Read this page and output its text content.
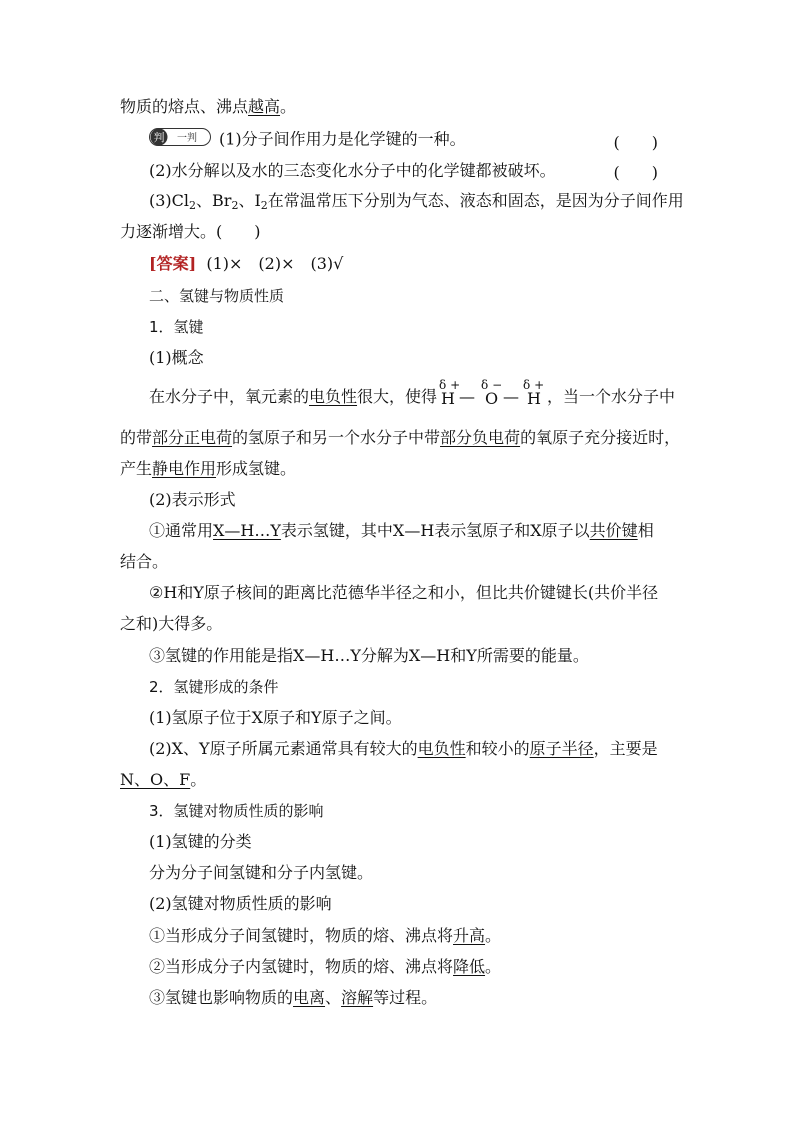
物质的熔点、沸点越高。
判 一判 (1)分子间作用力是化学键的一种。	(　　)
(2)水分解以及水的三态变化水分子中的化学键都被破坏。	(　　)
$(3)Cl_2$、$Br_2$、$I_2$在常温常压下分别为气态、液态和固态，是因为分子间作用
力逐渐增大。(　　)
[答案] (1)×　(2)×　(3)√
二、氢键与物质性质
1．氢键
(1)概念
在水分子中，氧元素的电负性很大，使得
δ + δ − δ +
H — O — H ，当一个水分子中
的带部分正电荷的氢原子和另一个水分子中带部分负电荷的氧原子充分接近时，
产生静电作用形成氢键。
(2)表示形式
①通常用X—H…Y表示氢键，其中X—H表示氢原子和X原子以共价键相
结合。
②H和Y原子核间的距离比范德华半径之和小，但比共价键键长(共价半径
之和)大得多。
③氢键的作用能是指X—H…Y分解为X—H和Y所需要的能量。
2．氢键形成的条件
(1)氢原子位于X原子和Y原子之间。
(2)X、Y原子所属元素通常具有较大的电负性和较小的原子半径，主要是
N、O、F。
3．氢键对物质性质的影响
(1)氢键的分类
分为分子间氢键和分子内氢键。
(2)氢键对物质性质的影响
①当形成分子间氢键时，物质的熔、沸点将升高。
②当形成分子内氢键时，物质的熔、沸点将降低。
③氢键也影响物质的电离、溶解等过程。
